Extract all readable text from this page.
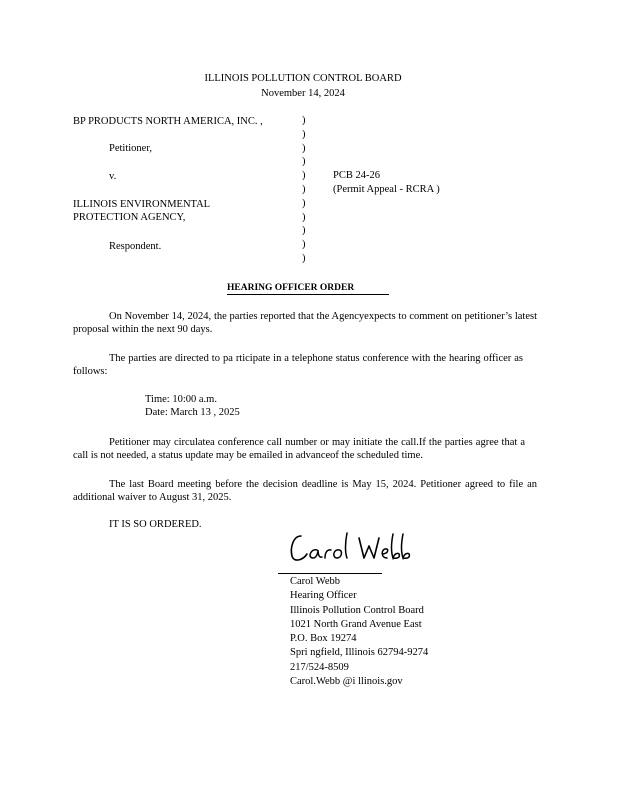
ILLINOIS POLLUTION CONTROL BOARD
November 14, 2024
BP PRODUCTS NORTH AMERICA, INC. ,
Petitioner,
v.
ILLINOIS ENVIRONMENTAL
PROTECTION AGENCY,
Respondent.
)
)
)
)
)
)
)
)
)
)
)
PCB 24-26
(Permit Appeal - RCRA )
HEARING OFFICER ORDER
On November 14, 2024, the parties reported that the Agencyexpects to comment on petitioner’s latest proposal within the next 90 days.
The parties are directed to pa rticipate in a telephone status conference with the hearing officer as follows:
Time: 10:00 a.m.
Date: March 13 , 2025
Petitioner may circulatea conference call number or may initiate the call.If the parties agree that a call is not needed, a status update may be emailed in advanceof the scheduled time.
The last Board meeting before the decision deadline is May 15, 2024. Petitioner agreed to file an additional waiver to August 31, 2025.
IT IS SO ORDERED.
Carol Webb
Hearing Officer
Illinois Pollution Control Board
1021 North Grand Avenue East
P.O. Box 19274
Spri ngfield, Illinois 62794-9274
217/524-8509
Carol.Webb @i llinois.gov
